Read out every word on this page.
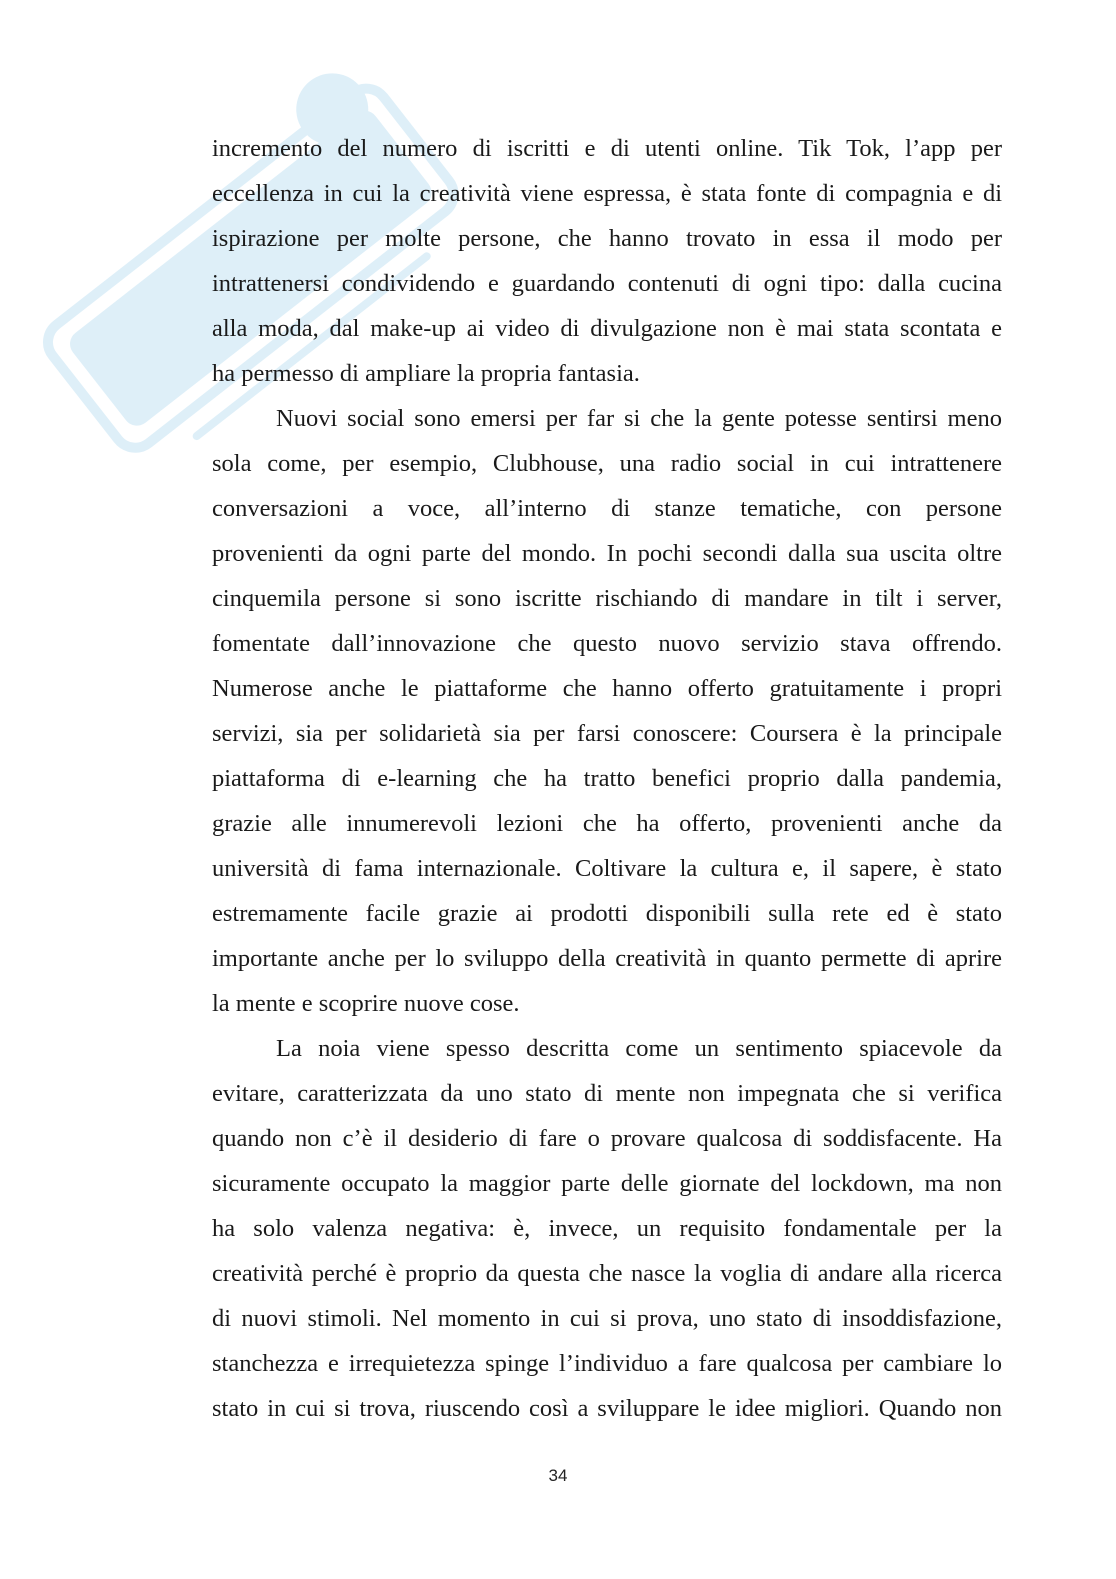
incremento del numero di iscritti e di utenti online. Tik Tok, l’app per
eccellenza in cui la creatività viene espressa, è stata fonte di compagnia e di
ispirazione per molte persone, che hanno trovato in essa il modo per
intrattenersi condividendo e guardando contenuti di ogni tipo: dalla cucina
alla moda, dal make-up ai video di divulgazione non è mai stata scontata e
ha permesso di ampliare la propria fantasia.
Nuovi social sono emersi per far si che la gente potesse sentirsi meno
sola come, per esempio, Clubhouse, una radio social in cui intrattenere
conversazioni a voce, all’interno di stanze tematiche, con persone
provenienti da ogni parte del mondo. In pochi secondi dalla sua uscita oltre
cinquemila persone si sono iscritte rischiando di mandare in tilt i server,
fomentate dall’innovazione che questo nuovo servizio stava offrendo.
Numerose anche le piattaforme che hanno offerto gratuitamente i propri
servizi, sia per solidarietà sia per farsi conoscere: Coursera è la principale
piattaforma di e-learning che ha tratto benefici proprio dalla pandemia,
grazie alle innumerevoli lezioni che ha offerto, provenienti anche da
università di fama internazionale. Coltivare la cultura e, il sapere, è stato
estremamente facile grazie ai prodotti disponibili sulla rete ed è stato
importante anche per lo sviluppo della creatività in quanto permette di aprire
la mente e scoprire nuove cose.
La noia viene spesso descritta come un sentimento spiacevole da
evitare, caratterizzata da uno stato di mente non impegnata che si verifica
quando non c’è il desiderio di fare o provare qualcosa di soddisfacente. Ha
sicuramente occupato la maggior parte delle giornate del lockdown, ma non
ha solo valenza negativa: è, invece, un requisito fondamentale per la
creatività perché è proprio da questa che nasce la voglia di andare alla ricerca
di nuovi stimoli. Nel momento in cui si prova, uno stato di insoddisfazione,
stanchezza e irrequietezza spinge l’individuo a fare qualcosa per cambiare lo
stato in cui si trova, riuscendo così a sviluppare le idee migliori. Quando non
34
